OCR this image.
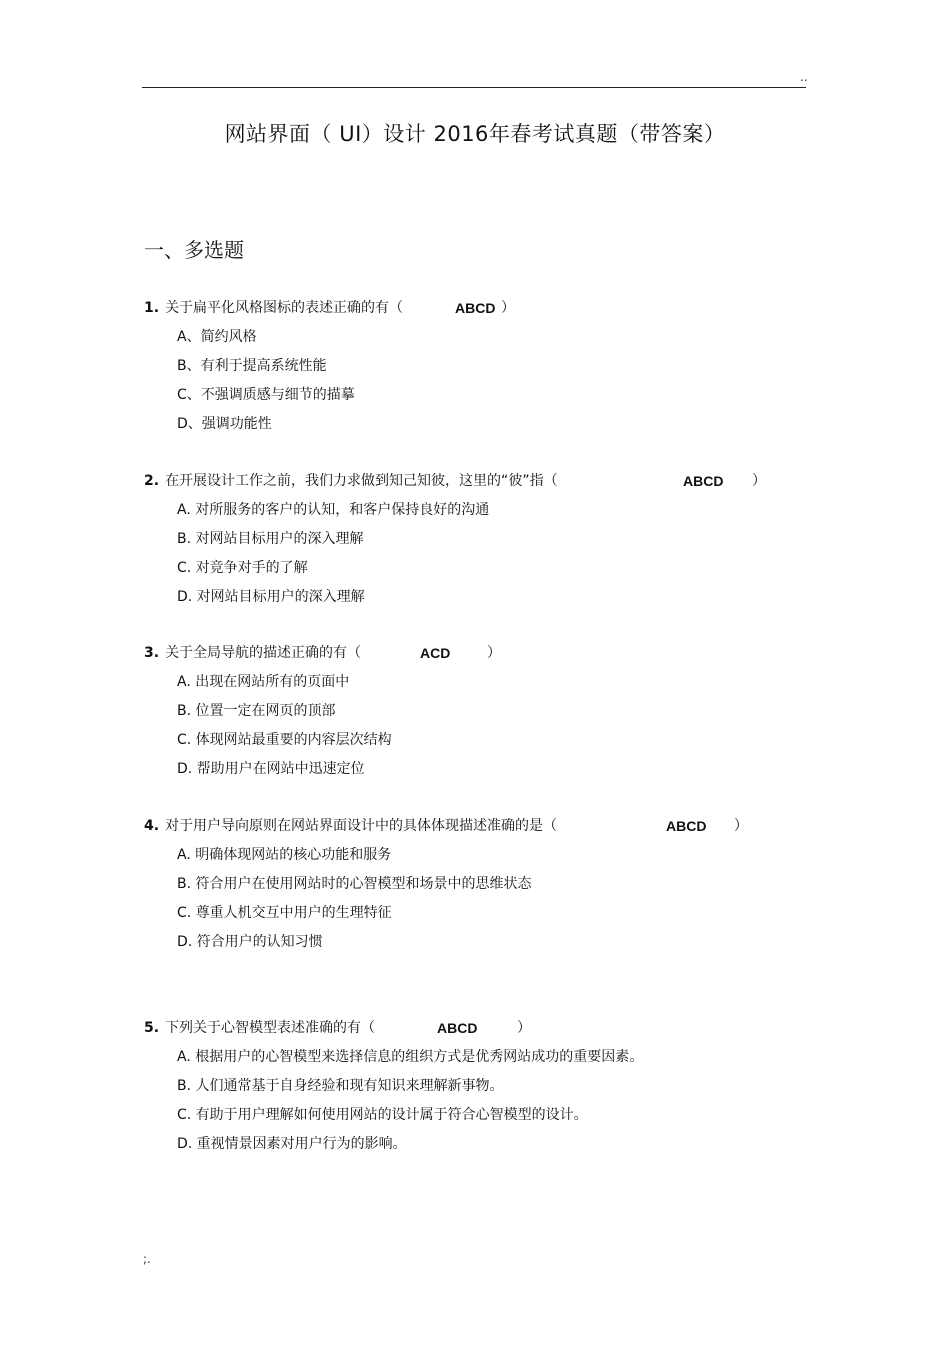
..
网站界面（ UI）设计 2016年春考试真题（带答案）
一、多选题
1. 关于扁平化风格图标的表述正确的有（	ABCD ）
A、简约风格
B、有利于提高系统性能
C、不强调质感与细节的描摹
D、强调功能性
2. 在开展设计工作之前，我们力求做到知己知彼，这里的“彼”指（	ABCD ）
A. 对所服务的客户的认知，和客户保持良好的沟通
B. 对网站目标用户的深入理解
C. 对竞争对手的了解
D. 对网站目标用户的深入理解
3. 关于全局导航的描述正确的有（	ACD	）
A. 出现在网站所有的页面中
B. 位置一定在网页的顶部
C. 体现网站最重要的内容层次结构
D. 帮助用户在网站中迅速定位
4. 对于用户导向原则在网站界面设计中的具体体现描述准确的是（	ABCD ）
A. 明确体现网站的核心功能和服务
B. 符合用户在使用网站时的心智模型和场景中的思维状态
C. 尊重人机交互中用户的生理特征
D. 符合用户的认知习惯
5. 下列关于心智模型表述准确的有（	ABCD	）
A. 根据用户的心智模型来选择信息的组织方式是优秀网站成功的重要因素。
B. 人们通常基于自身经验和现有知识来理解新事物。
C. 有助于用户理解如何使用网站的设计属于符合心智模型的设计。
D. 重视情景因素对用户行为的影响。
;.
